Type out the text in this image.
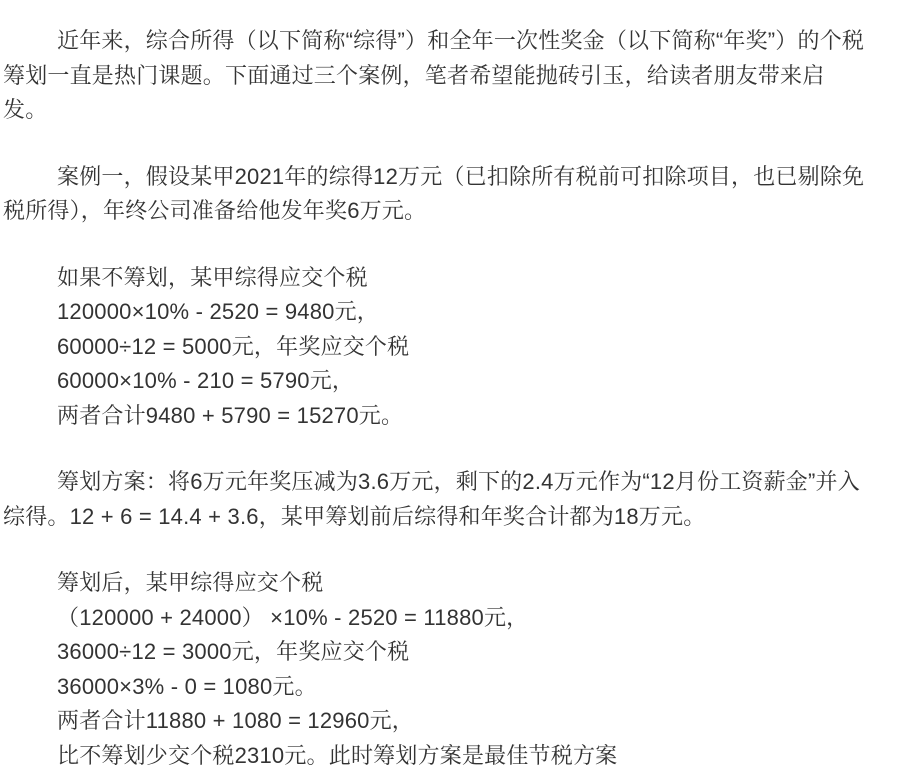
近年来，综合所得（以下简称“综得”）和全年一次性奖金（以下简称“年奖”）的个税
筹划一直是热门课题。下面通过三个案例，笔者希望能抛砖引玉，给读者朋友带来启
发。
案例一，假设某甲2021年的综得12万元（已扣除所有税前可扣除项目，也已剔除免
税所得），年终公司准备给他发年奖6万元。
如果不筹划，某甲综得应交个税
120000×10% - 2520 = 9480元，
60000÷12 = 5000元，年奖应交个税
60000×10% - 210 = 5790元，
两者合计9480 + 5790 = 15270元。
筹划方案：将6万元年奖压减为3.6万元，剩下的2.4万元作为“12月份工资薪金”并入
综得。12 + 6 = 14.4 + 3.6，某甲筹划前后综得和年奖合计都为18万元。
筹划后，某甲综得应交个税
（120000 + 24000） ×10% - 2520 = 11880元，
36000÷12 = 3000元，年奖应交个税
36000×3% - 0 = 1080元。
两者合计11880 + 1080 = 12960元，
比不筹划少交个税2310元。此时筹划方案是最佳节税方案
